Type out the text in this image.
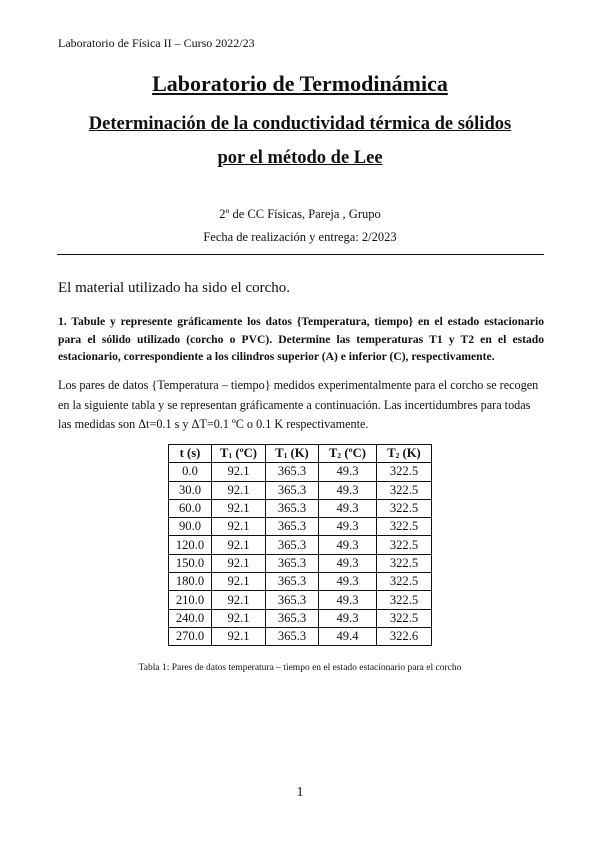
Laboratorio de Física II – Curso 2022/23
Laboratorio de Termodinámica
Determinación de la conductividad térmica de sólidos
por el método de Lee
2º de CC Físicas, Pareja , Grupo
Fecha de realización y entrega: 2/2023
El material utilizado ha sido el corcho.
1. Tabule y represente gráficamente los datos {Temperatura, tiempo} en el estado estacionario para el sólido utilizado (corcho o PVC). Determine las temperaturas T1 y T2 en el estado estacionario, correspondiente a los cilindros superior (A) e inferior (C), respectivamente.
Los pares de datos {Temperatura – tiempo} medidos experimentalmente para el corcho se recogen en la siguiente tabla y se representan gráficamente a continuación. Las incertidumbres para todas las medidas son Δt=0.1 s y ΔT=0.1 ºC o 0.1 K respectivamente.
t (s)	$T_1$ (ºC)	$T_1$ (K)	$T_2$ (ºC)	$T_2$ (K)
0.0	92.1	365.3	49.3	322.5
30.0	92.1	365.3	49.3	322.5
60.0	92.1	365.3	49.3	322.5
90.0	92.1	365.3	49.3	322.5
120.0	92.1	365.3	49.3	322.5
150.0	92.1	365.3	49.3	322.5
180.0	92.1	365.3	49.3	322.5
210.0	92.1	365.3	49.3	322.5
240.0	92.1	365.3	49.3	322.5
270.0	92.1	365.3	49.4	322.6
Tabla 1: Pares de datos temperatura – tiempo en el estado estacionario para el corcho
1
